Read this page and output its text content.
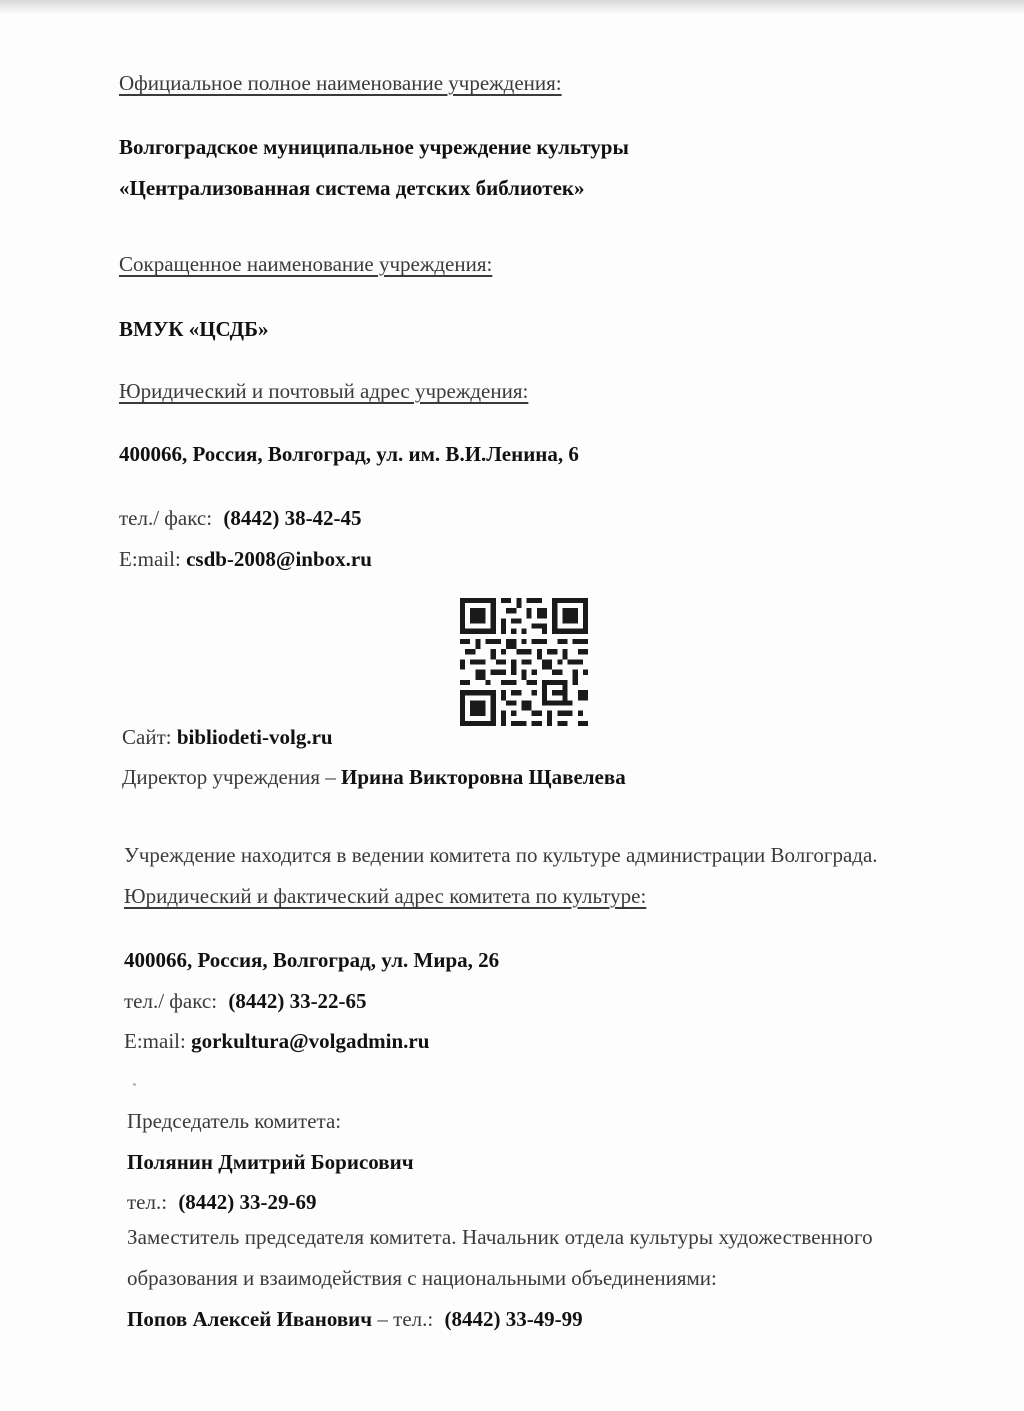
Официальное полное наименование учреждения:
Волгоградское муниципальное учреждение культуры
«Централизованная система детских библиотек»
Сокращенное наименование учреждения:
ВМУК «ЦСДБ»
Юридический и почтовый адрес учреждения:
400066, Россия, Волгоград, ул. им. В.И.Ленина, 6
тел./ факс: (8442) 38-42-45
E:mail: csdb-2008@inbox.ru
Сайт: bibliodeti-volg.ru
Директор учреждения – Ирина Викторовна Щавелева
Учреждение находится в ведении комитета по культуре администрации Волгограда.
Юридический и фактический адрес комитета по культуре:
400066, Россия, Волгоград, ул. Мира, 26
тел./ факс: (8442) 33-22-65
E:mail: gorkultura@volgadmin.ru
Председатель комитета:
Полянин Дмитрий Борисович
тел.: (8442) 33-29-69
Заместитель председателя комитета. Начальник отдела культуры художественного
образования и взаимодействия с национальными объединениями:
Попов Алексей Иванович – тел.: (8442) 33-49-99
